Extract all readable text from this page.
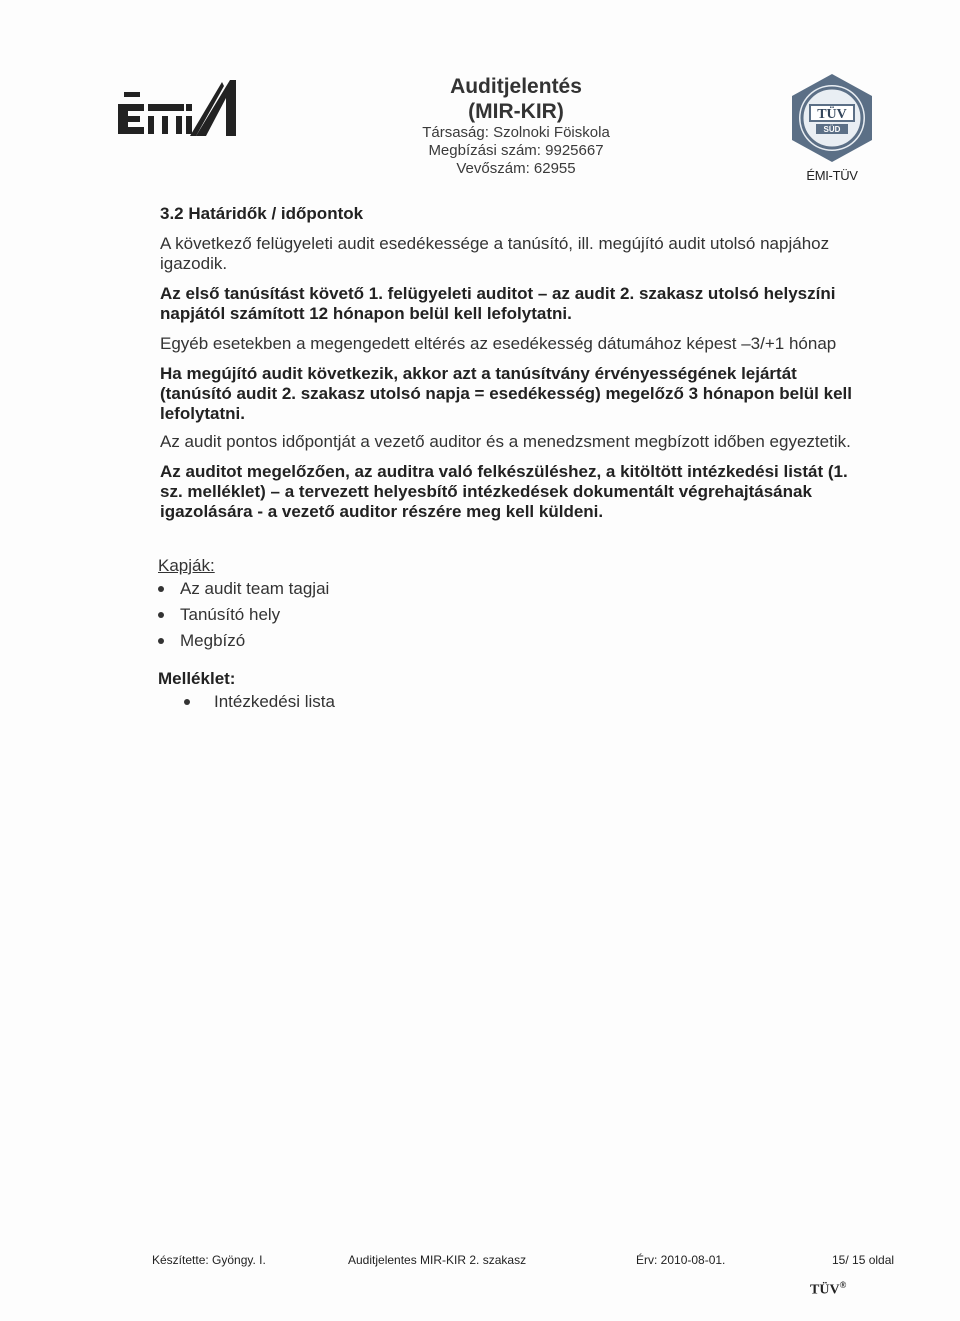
Auditjelentés
(MIR-KIR)
Társaság: Szolnoki Föiskola
Megbízási szám: 9925667
Vevőszám: 62955
TÜV
SÜD
ÉMI-TÜV
3.2 Határidők / időpontok
A következő felügyeleti audit esedékessége a tanúsító, ill. megújító audit utolsó napjához igazodik.
Az első tanúsítást követő 1. felügyeleti auditot – az audit 2. szakasz utolsó helyszíni napjától számított 12 hónapon belül kell lefolytatni.
Egyéb esetekben a megengedett eltérés az esedékesség dátumához képest –3/+1 hónap
Ha megújító audit következik, akkor azt a tanúsítvány érvényességének lejártát (tanúsító audit 2. szakasz utolsó napja = esedékesség) megelőző 3 hónapon belül kell lefolytatni.
Az audit pontos időpontját a vezető auditor és a menedzsment megbízott időben egyeztetik.
Az auditot megelőzően, az auditra való felkészüléshez, a kitöltött intézkedési listát (1. sz. melléklet) – a tervezett helyesbítő intézkedések dokumentált végrehajtásának igazolására - a vezető auditor részére meg kell küldeni.
Kapják:
Az audit team tagjai
Tanúsító hely
Megbízó
Melléklet:
Intézkedési lista
Készítette: Gyöngy. I.	Auditjelentes MIR-KIR 2. szakasz	Érv: 2010-08-01.	15/ 15 oldal
TÜV®
